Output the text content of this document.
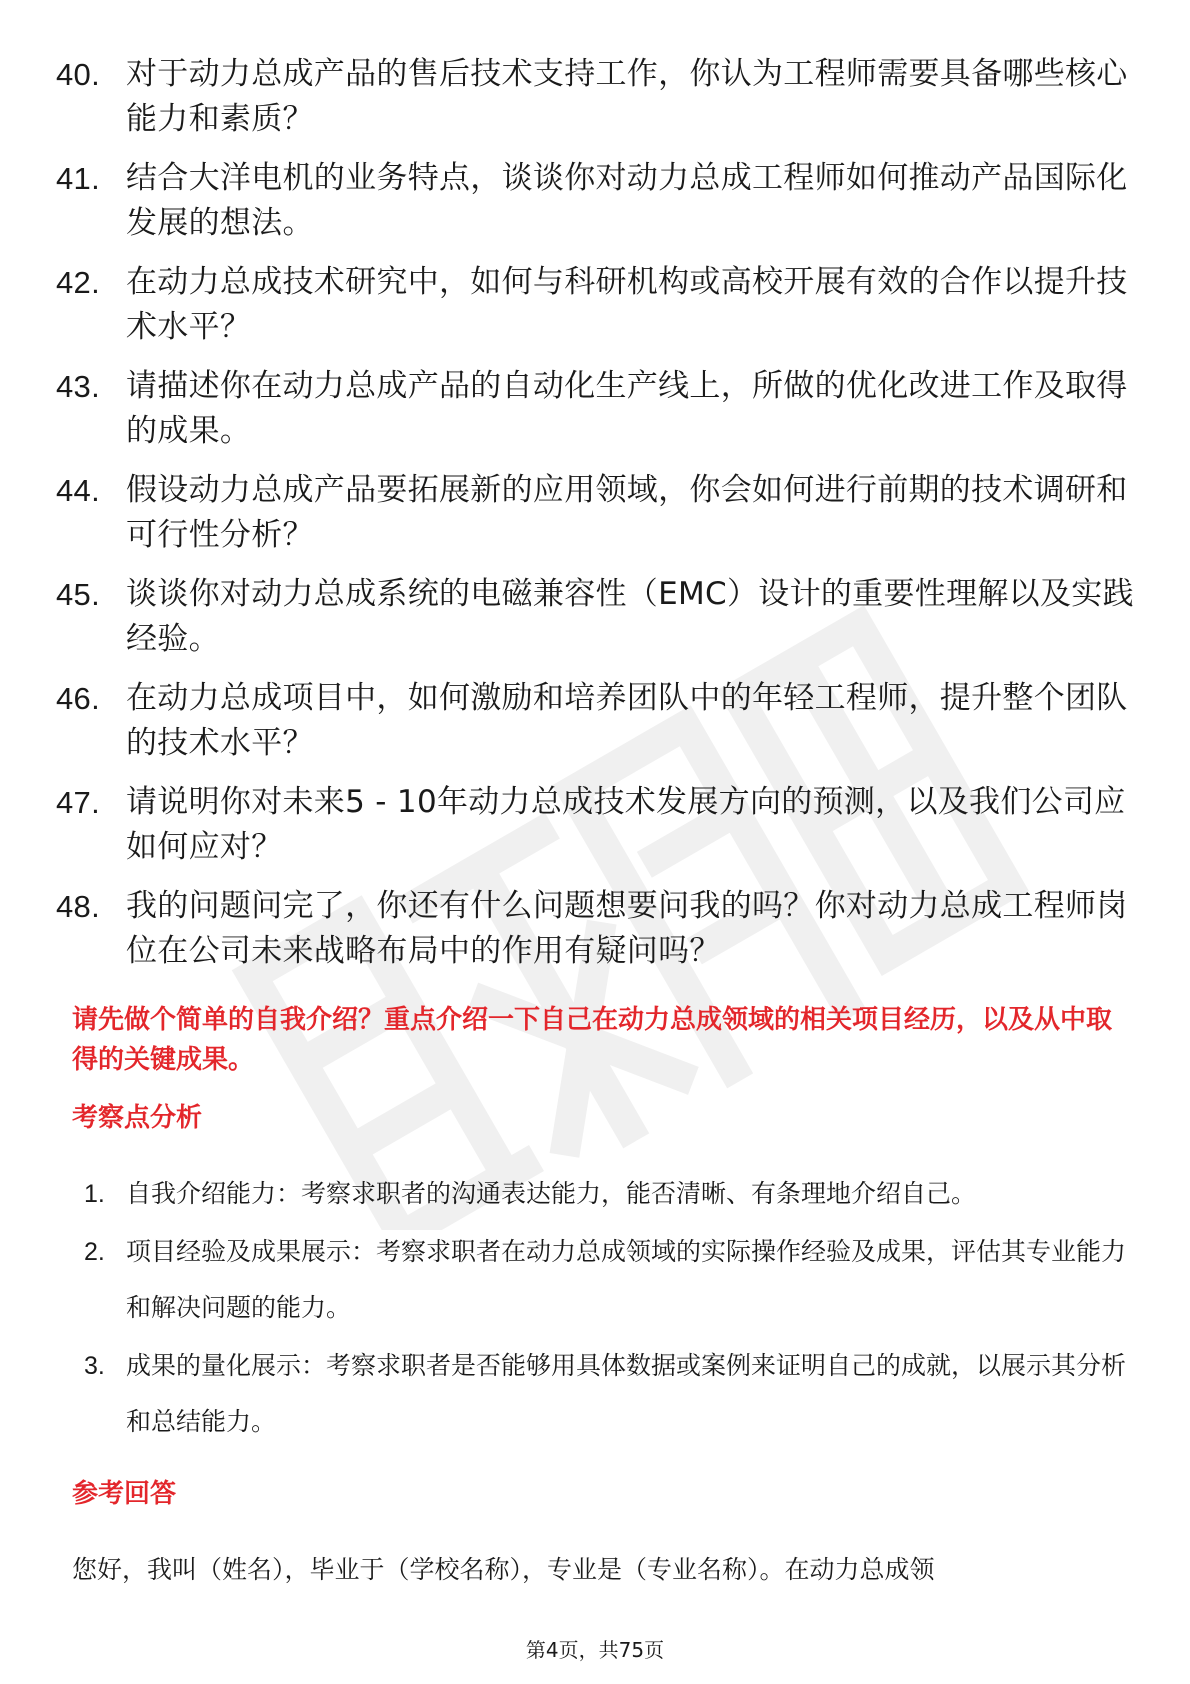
40. 对于动力总成产品的售后技术支持工作，你认为工程师需要具备哪些核心能力和素质？
41. 结合大洋电机的业务特点，谈谈你对动力总成工程师如何推动产品国际化发展的想法。
42. 在动力总成技术研究中，如何与科研机构或高校开展有效的合作以提升技术水平？
43. 请描述你在动力总成产品的自动化生产线上，所做的优化改进工作及取得的成果。
44. 假设动力总成产品要拓展新的应用领域，你会如何进行前期的技术调研和可行性分析？
45. 谈谈你对动力总成系统的电磁兼容性（EMC）设计的重要性理解以及实践经验。
46. 在动力总成项目中，如何激励和培养团队中的年轻工程师，提升整个团队的技术水平？
47. 请说明你对未来5 - 10年动力总成技术发展方向的预测，以及我们公司应如何应对？
48. 我的问题问完了，你还有什么问题想要问我的吗？你对动力总成工程师岗位在公司未来战略布局中的作用有疑问吗？
请先做个简单的自我介绍？重点介绍一下自己在动力总成领域的相关项目经历，以及从中取得的关键成果。
考察点分析
1. 自我介绍能力：考察求职者的沟通表达能力，能否清晰、有条理地介绍自己。
2. 项目经验及成果展示：考察求职者在动力总成领域的实际操作经验及成果，评估其专业能力和解决问题的能力。
3. 成果的量化展示：考察求职者是否能够用具体数据或案例来证明自己的成就，以展示其分析和总结能力。
参考回答
您好，我叫（姓名），毕业于（学校名称），专业是（专业名称）。在动力总成领
第4页，共75页
